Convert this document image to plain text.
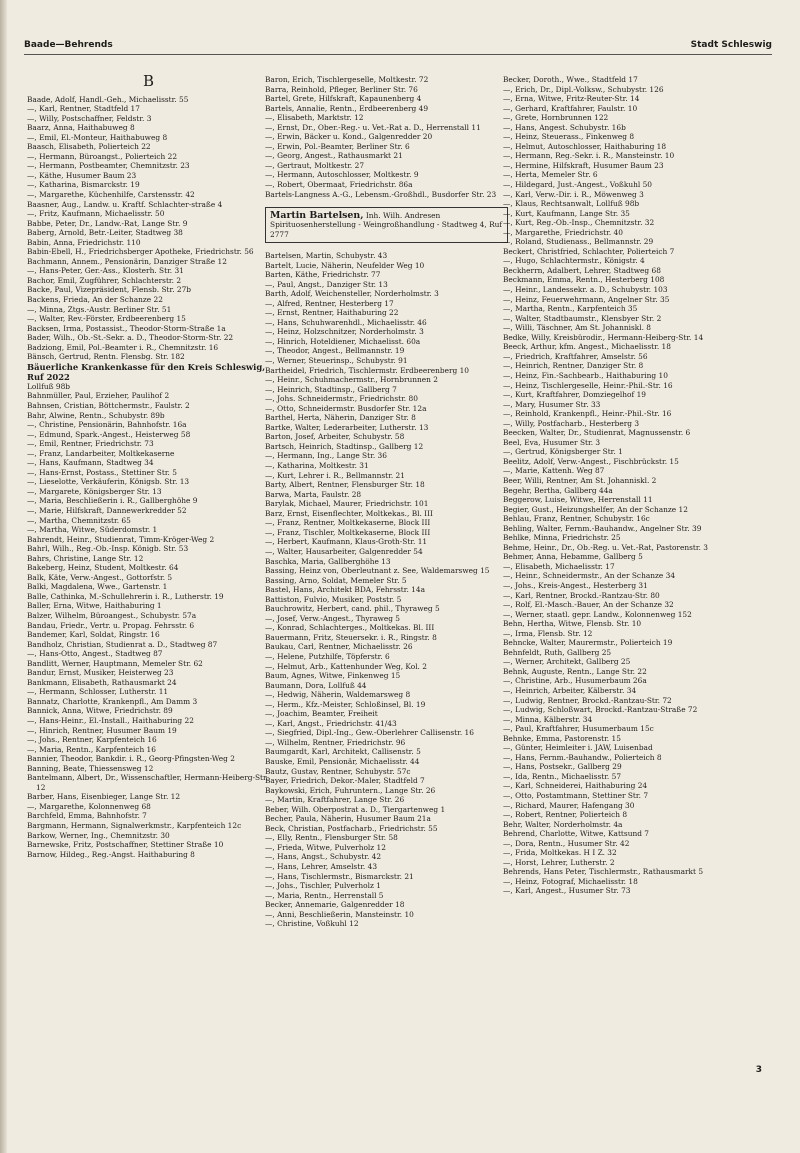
Baade—Behrends	Stadt Schleswig
B
Baade, Adolf, Handl.-Geh., Michaelisstr. 55
—, Karl, Rentner, Stadtfeld 17
—, Willy, Postschaffner, Feldstr. 3
Baarz, Anna, Haithabuweg 8
—, Emil, El.-Monteur, Haithabuweg 8
Baasch, Elisabeth, Polierteich 22
—, Hermann, Büroangst., Polierteich 22
—, Hermann, Postbeamter, Chemnitzstr. 23
—, Käthe, Husumer Baum 23
—, Katharina, Bismarckstr. 19
—, Margarethe, Küchenhilfe, Carstensstr. 42
Baasner, Aug., Landw. u. Kraftf. Schlachter-straße 4
—, Fritz, Kaufmann, Michaelisstr. 50
Babbe, Peter, Dr., Landw.-Rat, Lange Str. 9
Baberg, Arnold, Betr.-Leiter, Stadtweg 38
Babin, Anna, Friedrichstr. 110
Babin-Ebell, H., Friedrichsberger Apotheke, Friedrichstr. 56
Bachmann, Annem., Pensionärin, Danziger Straße 12
—, Hans-Peter, Ger.-Ass., Klosterh. Str. 31
Bachor, Emil, Zugführer, Schlachterstr. 2
Backe, Paul, Vizepräsident, Flensb. Str. 27b
Backens, Frieda, An der Schanze 22
—, Minna, Ztgs.-Austr. Berliner Str. 51
—, Walter, Rev.-Förster, Erdbeerenberg 15
Backsen, Irma, Postassist., Theodor-Storm-Straße 1a
Bader, Wilh., Ob.-St.-Sekr. a. D., Theodor-Storm-Str. 22
Badziong, Emil, Pol.-Beamter i. R., Chemnitzstr. 16
Bänsch, Gertrud, Rentn. Flensbg. Str. 182
Bäuerliche Krankenkasse für den Kreis Schleswig, Ruf 2022
Lollfuß 98b
Bahnmüller, Paul, Erzieher, Paulihof 2
Bahnsen, Cristian, Böttchermstr., Faulstr. 2
Bahr, Alwine, Rentn., Schubystr. 89b
—, Christine, Pensionärin, Bahnhofstr. 16a
—, Edmund, Spark.-Angest., Heisterweg 58
—, Emil, Rentner, Friedrichstr. 73
—, Franz, Landarbeiter, Moltkekaserne
—, Hans, Kaufmann, Stadtweg 34
—, Hans-Ernst, Postass., Stettiner Str. 5
—, Lieselotte, Verkäuferin, Königsb. Str. 13
—, Margarete, Königsberger Str. 13
—, Maria, Beschließerin i. R., Gallberghöhe 9
—, Marie, Hilfskraft, Dannewerkredder 52
—, Martha, Chemnitzstr. 65
—, Martha, Witwe, Süderdomstr. 1
Bahrendt, Heinr., Studienrat, Timm-Kröger-Weg 2
Bahrl, Wilh., Reg.-Ob.-Insp. Königb. Str. 53
Bahrs, Christine, Lange Str. 12
Bakeberg, Heinz, Student, Moltkestr. 64
Balk, Käte, Verw.-Angest., Gottorfstr. 5
Balki, Magdalena, Wwe., Gartenstr. 1
Balle, Cathinka, M.-Schullehrerin i. R., Lutherstr. 19
Baller, Erna, Witwe, Haithaburing 1
Balzer, Wilhelm, Büroangest., Schubystr. 57a
Bandau, Friedr., Vertr. u. Propag. Fehrsstr. 6
Bandemer, Karl, Soldat, Ringstr. 16
Bandholz, Christian, Studienrat a. D., Stadtweg 87
—, Hans-Otto, Angest., Stadtweg 87
Bandlitt, Werner, Hauptmann, Memeler Str. 62
Bandur, Ernst, Musiker, Heisterweg 23
Bankmann, Elisabeth, Rathausmarkt 24
—, Hermann, Schlosser, Lutherstr. 11
Bannatz, Charlotte, Krankenpfl., Am Damm 3
Bannick, Anna, Witwe, Friedrichstr. 89
—, Hans-Heinr., El.-Install., Haithaburing 22
—, Hinrich, Rentner, Husumer Baum 19
—, Johs., Rentner, Karpfenteich 16
—, Maria, Rentn., Karpfenteich 16
Bannier, Theodor, Bankdir. i. R., Georg-Pfingsten-Weg 2
Banning, Beate, Thiessensweg 12
Bantelmann, Albert, Dr., Wissenschaftler, Hermann-Heiberg-Str. 12
Barber, Hans, Eisenbieger, Lange Str. 12
—, Margarethe, Kolonnenweg 68
Barchfeld, Emma, Bahnhofstr. 7
Bargmann, Hermann, Signalwerkmstr., Karpfenteich 12c
Barkow, Werner, Ing., Chemnitzstr. 30
Barnewske, Fritz, Postschaffner, Stettiner Straße 10
Barnow, Hildeg., Reg.-Angst. Haithaburing 8
Baron, Erich, Tischlergeselle, Moltkestr. 72
Barra, Reinhold, Pfleger, Berliner Str. 76
Bartel, Grete, Hilfskraft, Kapaunenberg 4
Bartels, Annalie, Rentn., Erdbeerenberg 49
—, Elisabeth, Marktstr. 12
—, Ernst, Dr., Ober.-Reg.- u. Vet.-Rat a. D., Herrenstall 11
—, Erwin, Bäcker u. Kond., Galgenredder 20
—, Erwin, Pol.-Beamter, Berliner Str. 6
—, Georg, Angest., Rathausmarkt 21
—, Gertraut, Moltkestr. 27
—, Hermann, Autoschlosser, Moltkestr. 9
—, Robert, Obermaat, Friedrichstr. 86a
Bartels-Langness A.-G., Lebensm.-Großhdl., Busdorfer Str. 23
Martin Bartelsen, Inh. Wilh. Andresen Spirituosenherstellung - Weingroßhandlung - Stadtweg 4, Ruf 2777
Bartelsen, Martin, Schubystr. 43
Bartelt, Lucie, Näherin, Neufelder Weg 10
Barten, Käthe, Friedrichstr. 77
—, Paul, Angst., Danziger Str. 13
Barth, Adolf, Weichensteller, Norderholmstr. 3
—, Alfred, Rentner, Hesterberg 17
—, Ernst, Rentner, Haithaburing 22
—, Hans, Schuhwarenhdl., Michaelisstr. 46
—, Heinz, Holzschnitzer, Norderholmstr. 3
—, Hinrich, Hoteldiener, Michaelisst. 60a
—, Theodor, Angest., Bellmannstr. 19
—, Werner, Steuerinsp., Schubystr. 91
Bartheidel, Friedrich, Tischlermstr. Erdbeerenberg 10
—, Heinr., Schuhmachermstr., Hornbrunnen 2
—, Heinrich, Stadtinsp., Gallberg 7
—, Johs. Schneidermstr., Friedrichstr. 80
—, Otto, Schneidermstr. Busdorfer Str. 12a
Barthel, Herta, Näherin, Danziger Str. 8
Bartke, Walter, Lederarbeiter, Lutherstr. 13
Barton, Josef, Arbeiter, Schubystr. 58
Bartsch, Heinrich, Stadtinsp., Gallberg 12
—, Hermann, Ing., Lange Str. 36
—, Katharina, Moltkestr. 31
—, Kurt, Lehrer i. R., Bellmannstr. 21
Barty, Albert, Rentner, Flensburger Str. 18
Barwa, Marta, Faulstr. 28
Barylak, Michael, Maurer, Friedrichstr. 101
Barz, Ernst, Eisenflechter, Moltkekas., Bl. III
—, Franz, Rentner, Moltkekaserne, Block III
—, Franz, Tischler, Moltkekaserne, Block III
—, Herbert, Kaufmann, Klaus-Groth-Str. 11
—, Walter, Hausarbeiter, Galgenredder 54
Baschka, Maria, Gallberghöhe 13
Bassing, Heinz von, Oberleutnant z. See, Waldemarsweg 15
Bassing, Arno, Soldat, Memeler Str. 5
Bastel, Hans, Architekt BDA, Fehrsstr. 14a
Battiston, Fulvio, Musiker, Poststr. 5
Bauchrowitz, Herbert, cand. phil., Thyraweg 5
—, Josef, Verw.-Angest., Thyraweg 5
—, Konrad, Schlachterges., Moltkekas. Bl. III
Bauermann, Fritz, Steuersekr. i. R., Ringstr. 8
Baukau, Carl, Rentner, Michaelisstr. 26
—, Helene, Putzhilfe, Töpferstr. 6
—, Helmut, Arb., Kattenhunder Weg, Kol. 2
Baum, Agnes, Witwe, Finkenweg 15
Baumann, Dora, Lollfuß 44
—, Hedwig, Näherin, Waldemarsweg 8
—, Herm., Kfz.-Meister, Schloßinsel, Bl. 19
—, Joachim, Beamter, Freiheit
—, Karl, Angst., Friedrichstr. 41/43
—, Siegfried, Dipl.-Ing., Gew.-Oberlehrer Callisenstr. 16
—, Wilhelm, Rentner, Friedrichstr. 96
Baumgardt, Karl, Architekt, Callisenstr. 5
Bauske, Emil, Pensionär, Michaelisstr. 44
Bautz, Gustav, Rentner, Schubystr. 57c
Bayer, Friedrich, Dekor.-Maler, Stadtfeld 7
Baykowski, Erich, Fuhruntern., Lange Str. 26
—, Martin, Kraftfahrer, Lange Str. 26
Beber, Wilh. Oberpostrat a. D., Tiergartenweg 1
Becher, Paula, Näherin, Husumer Baum 21a
Beck, Christian, Postfacharb., Friedrichstr. 55
—, Elly, Rentn., Flensburger Str. 58
—, Frieda, Witwe, Pulverholz 12
—, Hans, Angst., Schubystr. 42
—, Hans, Lehrer, Amselstr. 43
—, Hans, Tischlermstr., Bismarckstr. 21
—, Johs., Tischler, Pulverholz 1
—, Maria, Rentn., Herrenstall 5
Becker, Annemarie, Galgenredder 18
—, Anni, Beschließerin, Mansteinstr. 10
—, Christine, Voßkuhl 12
Becker, Doroth., Wwe., Stadtfeld 17
—, Erich, Dr., Dipl.-Volksw., Schubystr. 126
—, Erna, Witwe, Fritz-Reuter-Str. 14
—, Gerhard, Kraftfahrer, Faulstr. 10
—, Grete, Hornbrunnen 122
—, Hans, Angest. Schubystr. 16b
—, Heinz, Steuerass., Finkenweg 8
—, Helmut, Autoschlosser, Haithaburing 18
—, Hermann, Reg.-Sekr. i. R., Mansteinstr. 10
—, Hermine, Hilfskraft, Husumer Baum 23
—, Herta, Memeler Str. 6
—, Hildegard, Just.-Angest., Voßkuhl 50
—, Karl, Verw.-Dir. i. R., Möwenweg 3
—, Klaus, Rechtsanwalt, Lollfuß 98b
—, Kurt, Kaufmann, Lange Str. 35
—, Kurt, Reg.-Ob.-Insp., Chemnitzstr. 32
—, Margarethe, Friedrichstr. 40
—, Roland, Studienass., Bellmannstr. 29
Beckert, Christfried, Schlachter, Polierteich 7
—, Hugo, Schlachtermstr., Königstr. 4
Beckherrn, Adalbert, Lehrer, Stadtweg 68
Beckmann, Emma, Rentn., Hesterberg 108
—, Heinr., Landessekr. a. D., Schubystr. 103
—, Heinz, Feuerwehrmann, Angelner Str. 35
—, Martha, Rentn., Karpfenteich 35
—, Walter, Stadtbaumstr., Klensbyer Str. 2
—, Willi, Täschner, Am St. Johanniskl. 8
Bedke, Willy, Kreisbürodir., Hermann-Heiberg-Str. 14
Beeck, Arthur, kfm. Angest., Michaelisstr. 18
—, Friedrich, Kraftfahrer, Amselstr. 56
—, Heinrich, Rentner, Danziger Str. 8
—, Heinz, Fin.-Sachbearb., Haithaburing 10
—, Heinz, Tischlergeselle, Heinr.-Phil.-Str. 16
—, Kurt, Kraftfahrer, Domziegelhof 19
—, Mary, Husumer Str. 33
—, Reinhold, Krankenpfl., Heinr.-Phil.-Str. 16
—, Willy, Postfacharb., Hesterberg 3
Beecken, Walter, Dr., Studienrat, Magnussenstr. 6
Beel, Eva, Husumer Str. 3
—, Gertrud, Königsberger Str. 1
Beelitz, Adolf, Verw.-Angest., Fischbrückstr. 15
—, Marie, Kattenh. Weg 87
Beer, Willi, Rentner, Am St. Johanniskl. 2
Begehr, Bertha, Gallberg 44a
Beggerow, Luise, Witwe, Herrenstall 11
Begier, Gust., Heizungshelfer, An der Schanze 12
Behlau, Franz, Rentner, Schubystr. 16c
Behling, Walter, Fernm.-Bauhandw., Angelner Str. 39
Behlke, Minna, Friedrichstr. 25
Behme, Heinr., Dr., Ob.-Reg. u. Vet.-Rat, Pastorenstr. 3
Behmer, Anna, Hebamme, Gallberg 5
—, Elisabeth, Michaelisstr. 17
—, Heinr., Schneidermstr., An der Schanze 34
—, Johs., Kreis-Angest., Hesterberg 31
—, Karl, Rentner, Brockd.-Rantzau-Str. 80
—, Rolf, El.-Masch.-Bauer, An der Schanze 32
—, Werner, staatl. gepr. Landw., Kolonnenweg 152
Behn, Hertha, Witwe, Flensb. Str. 10
—, Irma, Flensb. Str. 12
Behncke, Walter, Maurermstr., Polierteich 19
Behnfeldt, Ruth, Gallberg 25
—, Werner, Architekt, Gallberg 25
Behnk, Auguste, Rentn., Lange Str. 22
—, Christine, Arb., Husumerbaum 26a
—, Heinrich, Arbeiter, Kälberstr. 34
—, Ludwig, Rentner, Brockd.-Rantzau-Str. 72
—, Ludwig, Schloßwart, Brockd.-Rantzau-Straße 72
—, Minna, Kälberstr. 34
—, Paul, Kraftfahrer, Husumerbaum 15c
Behnke, Emma, Pastorenstr. 15
—, Günter, Heimleiter i. JAW, Luisenbad
—, Hans, Fernm.-Bauhandw., Polierteich 8
—, Hans, Postsekr., Gallberg 29
—, Ida, Rentn., Michaelisstr. 57
—, Karl, Schneiderei, Haithaburing 24
—, Otto, Postamtmann, Stettiner Str. 7
—, Richard, Maurer, Hafengang 30
—, Robert, Rentner, Polierteich 8
Behr, Walter, Norderholmstr. 4a
Behrend, Charlotte, Witwe, Kattsund 7
—, Dora, Rentn., Husumer Str. 42
—, Frida, Moltkekas. H I Z. 32
—, Horst, Lehrer, Lutherstr. 2
Behrends, Hans Peter, Tischlermstr., Rathausmarkt 5
—, Heinz, Fotograf, Michaelisstr. 18
—, Karl, Angest., Husumer Str. 73
3
